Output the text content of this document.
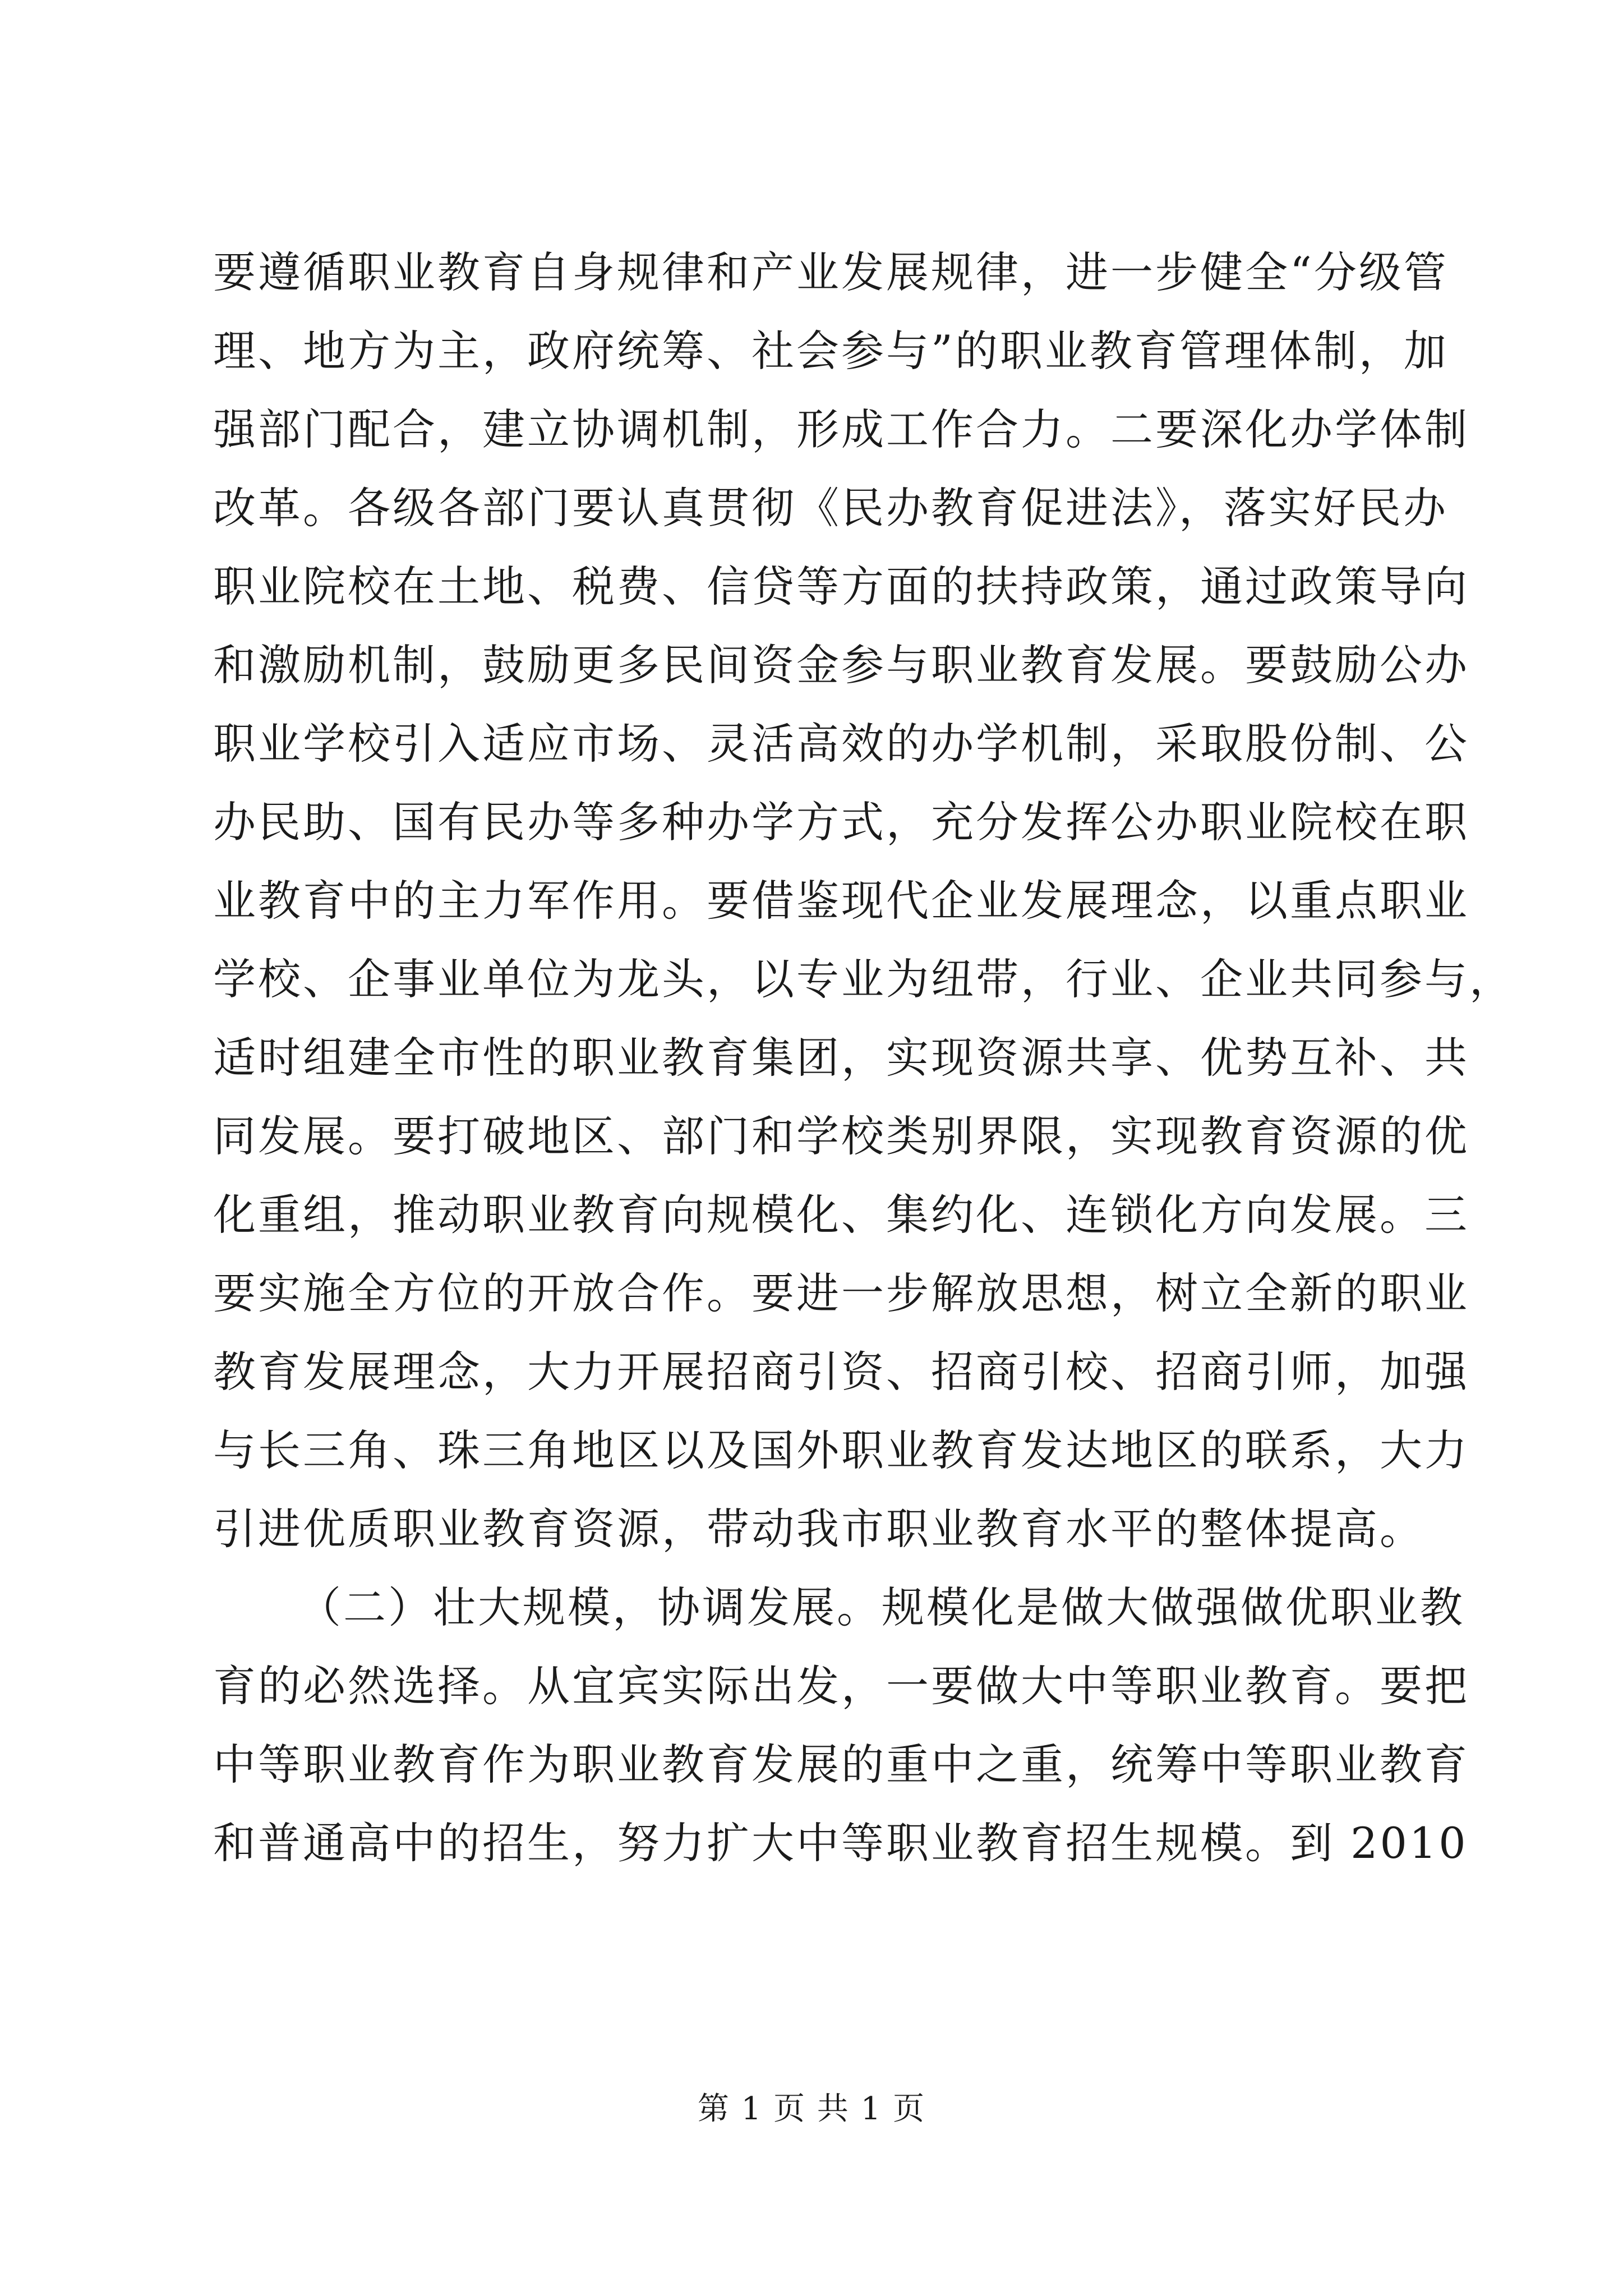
要遵循职业教育自身规律和产业发展规律，进一步健全“分级管
理、地方为主，政府统筹、社会参与”的职业教育管理体制，加
强部门配合，建立协调机制，形成工作合力。二要深化办学体制
改革。各级各部门要认真贯彻《民办教育促进法》，落实好民办
职业院校在土地、税费、信贷等方面的扶持政策，通过政策导向
和激励机制，鼓励更多民间资金参与职业教育发展。要鼓励公办
职业学校引入适应市场、灵活高效的办学机制，采取股份制、公
办民助、国有民办等多种办学方式，充分发挥公办职业院校在职
业教育中的主力军作用。要借鉴现代企业发展理念，以重点职业
学校、企事业单位为龙头，以专业为纽带，行业、企业共同参与，
适时组建全市性的职业教育集团，实现资源共享、优势互补、共
同发展。要打破地区、部门和学校类别界限，实现教育资源的优
化重组，推动职业教育向规模化、集约化、连锁化方向发展。三
要实施全方位的开放合作。要进一步解放思想，树立全新的职业
教育发展理念，大力开展招商引资、招商引校、招商引师，加强
与长三角、珠三角地区以及国外职业教育发达地区的联系，大力
引进优质职业教育资源，带动我市职业教育水平的整体提高。
（二）壮大规模，协调发展。规模化是做大做强做优职业教
育的必然选择。从宜宾实际出发，一要做大中等职业教育。要把
中等职业教育作为职业教育发展的重中之重，统筹中等职业教育
和普通高中的招生，努力扩大中等职业教育招生规模。到 2010
第 1 页 共 1 页
